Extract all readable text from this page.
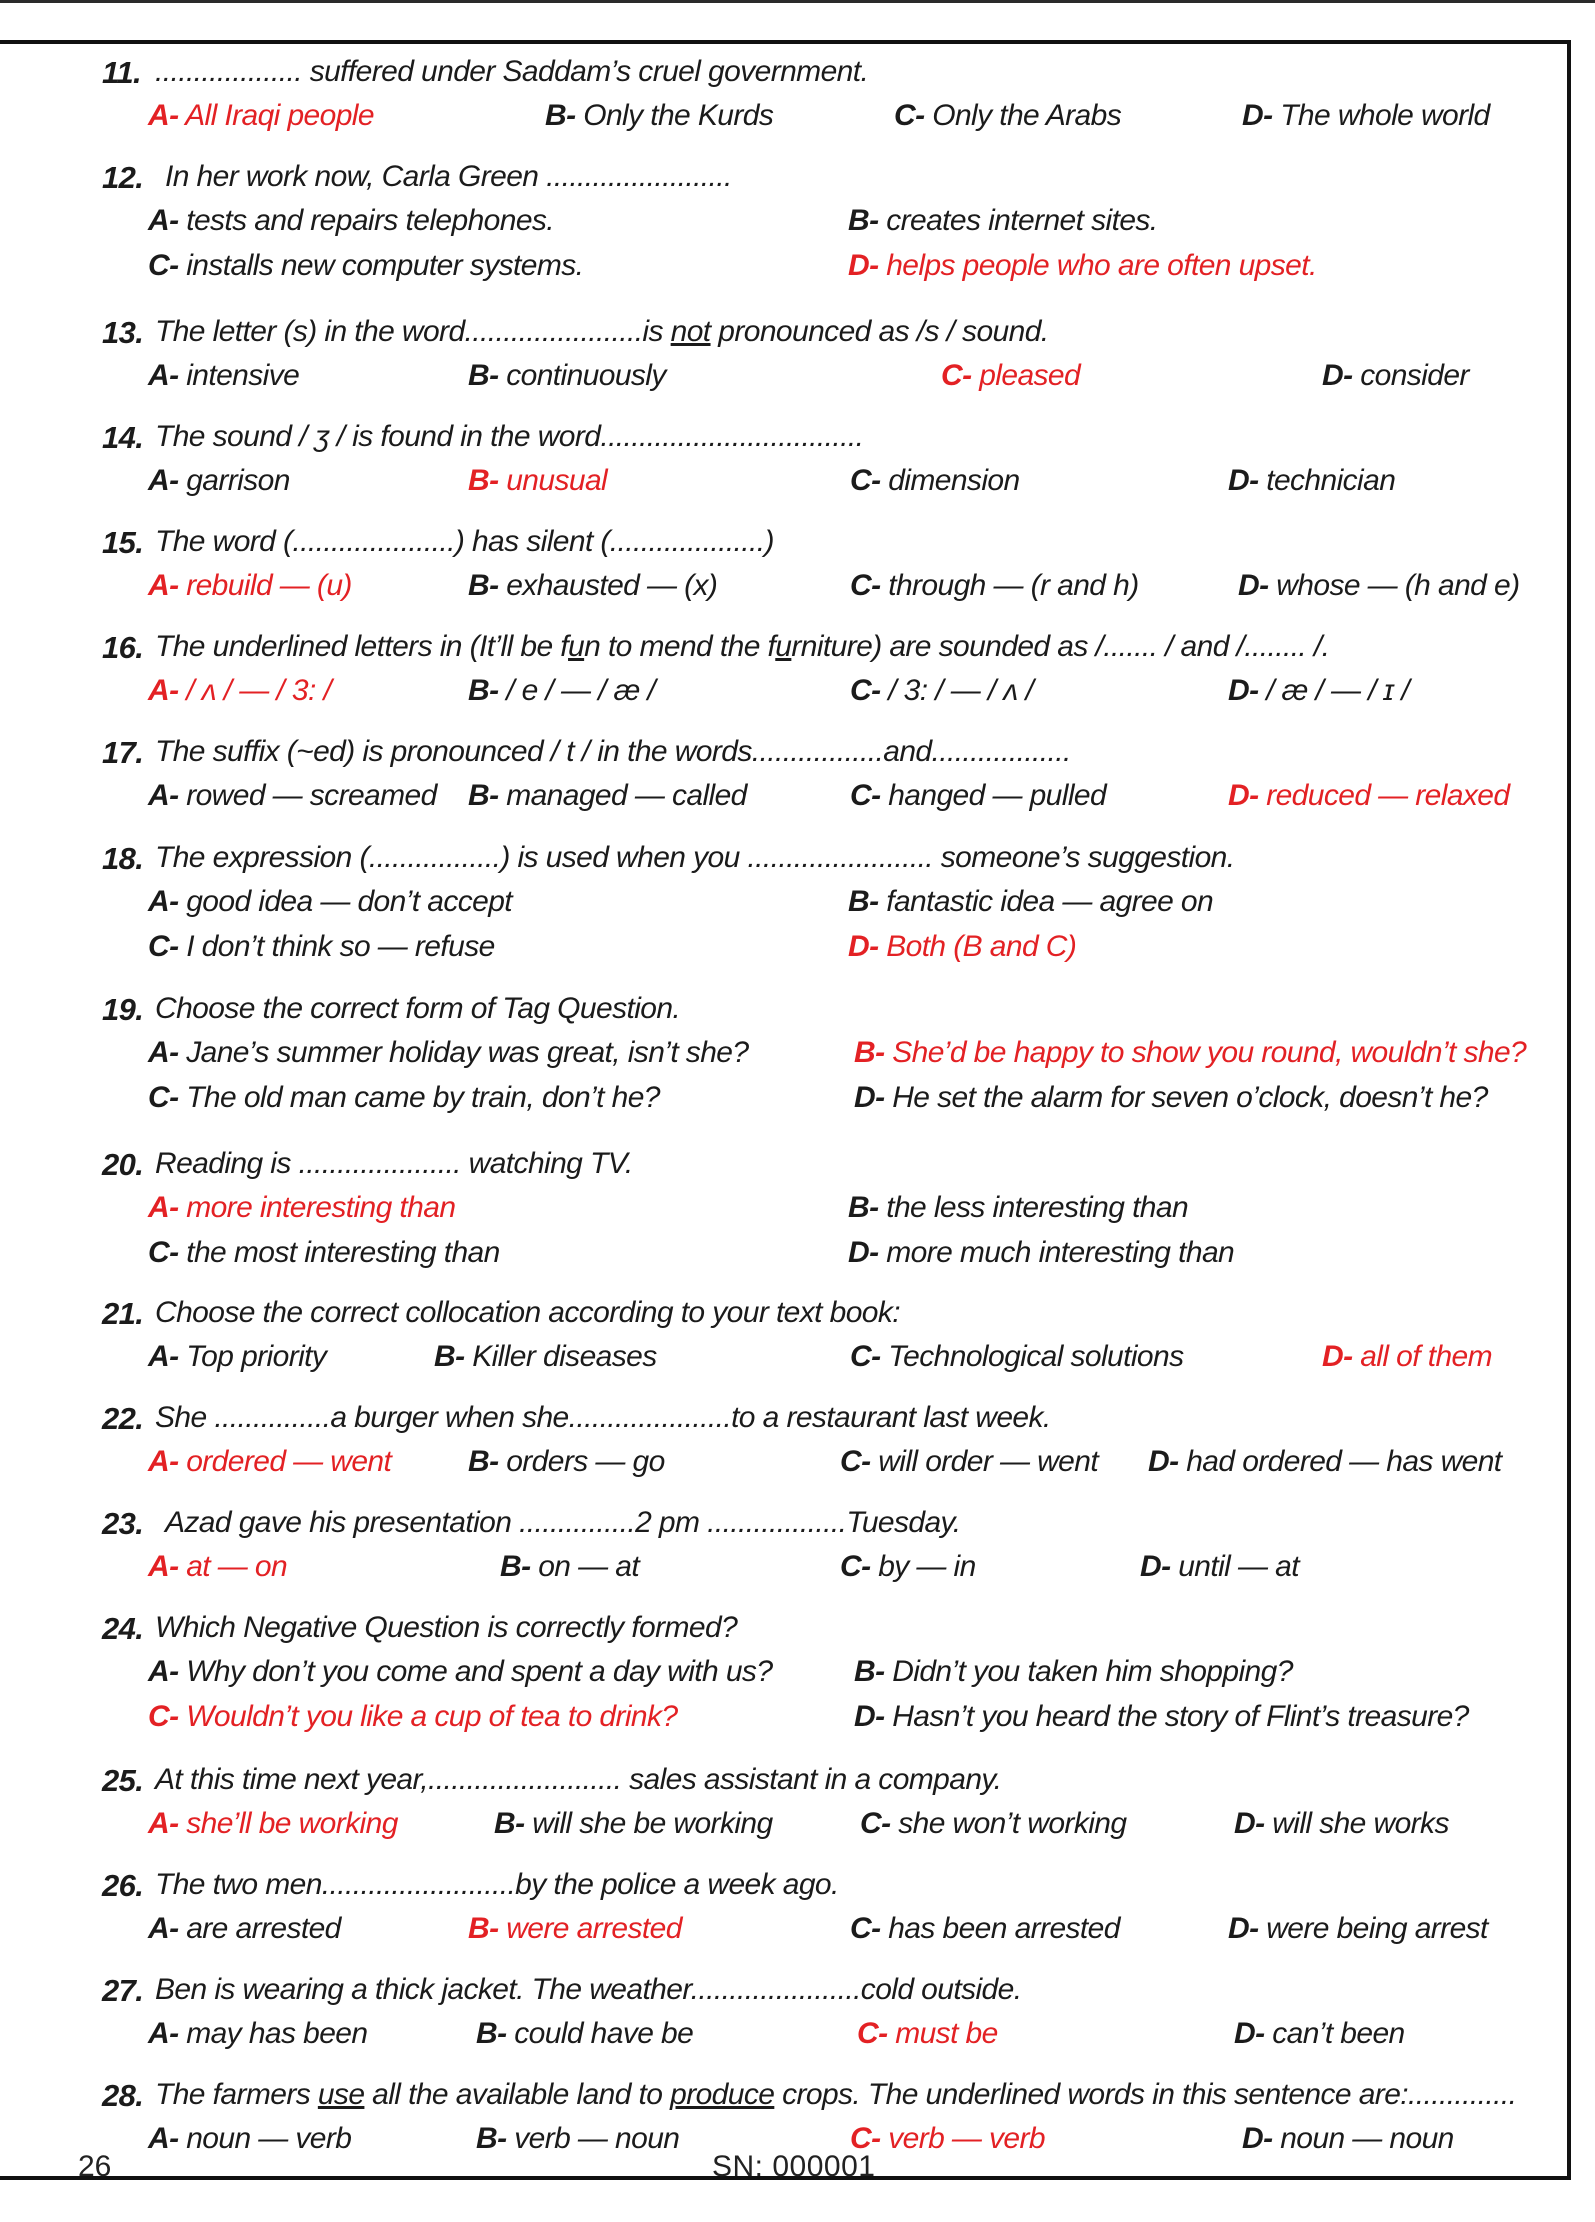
11. ................... suffered under Saddam’s cruel government.
A- All Iraqi people	B- Only the Kurds	C- Only the Arabs	D- The whole world
12. In her work now, Carla Green ........................
A- tests and repairs telephones.	B- creates internet sites.
C- installs new computer systems.	D- helps people who are often upset.
13. The letter (s) in the word.......................is not pronounced as /s / sound.
A- intensive	B- continuously	C- pleased	D- consider
14. The sound / ʒ / is found in the word..................................
A- garrison	B- unusual	C- dimension	D- technician
15. The word (.....................) has silent (....................)
A- rebuild — (u)	B- exhausted — (x)	C- through — (r and h)	D- whose — (h and e)
16. The underlined letters in (It’ll be fun to mend the furniture) are sounded as /....... / and /........ /.
A- / ʌ / — / 3: /	B- / e / — / æ /	C- / 3: / — / ʌ /	D- / æ / — / ɪ /
17. The suffix (~ed) is pronounced / t / in the words.................and..................
A- rowed — screamed B- managed — called	C- hanged — pulled	D- reduced — relaxed
18. The expression (.................) is used when you ........................ someone’s suggestion.
A- good idea — don’t accept	B- fantastic idea — agree on
C- I don’t think so — refuse	D- Both (B and C)
19. Choose the correct form of Tag Question.
A- Jane’s summer holiday was great, isn’t she?	B- She’d be happy to show you round, wouldn’t she?
C- The old man came by train, don’t he?	D- He set the alarm for seven o’clock, doesn’t he?
20. Reading is ..................... watching TV.
A- more interesting than	B- the less interesting than
C- the most interesting than	D- more much interesting than
21. Choose the correct collocation according to your text book:
A- Top priority	B- Killer diseases	C- Technological solutions	D- all of them
22. She ...............a burger when she.....................to a restaurant last week.
A- ordered — went	B- orders — go	C- will order — went D- had ordered — has went
23. Azad gave his presentation ...............2 pm ..................Tuesday.
A- at — on	B- on — at	C- by — in	D- until — at
24. Which Negative Question is correctly formed?
A- Why don’t you come and spent a day with us?	B- Didn’t you taken him shopping?
C- Wouldn’t you like a cup of tea to drink?	D- Hasn’t you heard the story of Flint’s treasure?
25. At this time next year,......................... sales assistant in a company.
A- she’ll be working	B- will she be working	C- she won’t working	D- will she works
26. The two men.........................by the police a week ago.
A- are arrested	B- were arrested	C- has been arrested	D- were being arrest
27. Ben is wearing a thick jacket. The weather......................cold outside.
A- may has been	B- could have be	C- must be	D- can’t been
28. The farmers use all the available land to produce crops. The underlined words in this sentence are:..............
A- noun — verb	B- verb — noun	C- verb — verb	D- noun — noun
26	SN: 000001
